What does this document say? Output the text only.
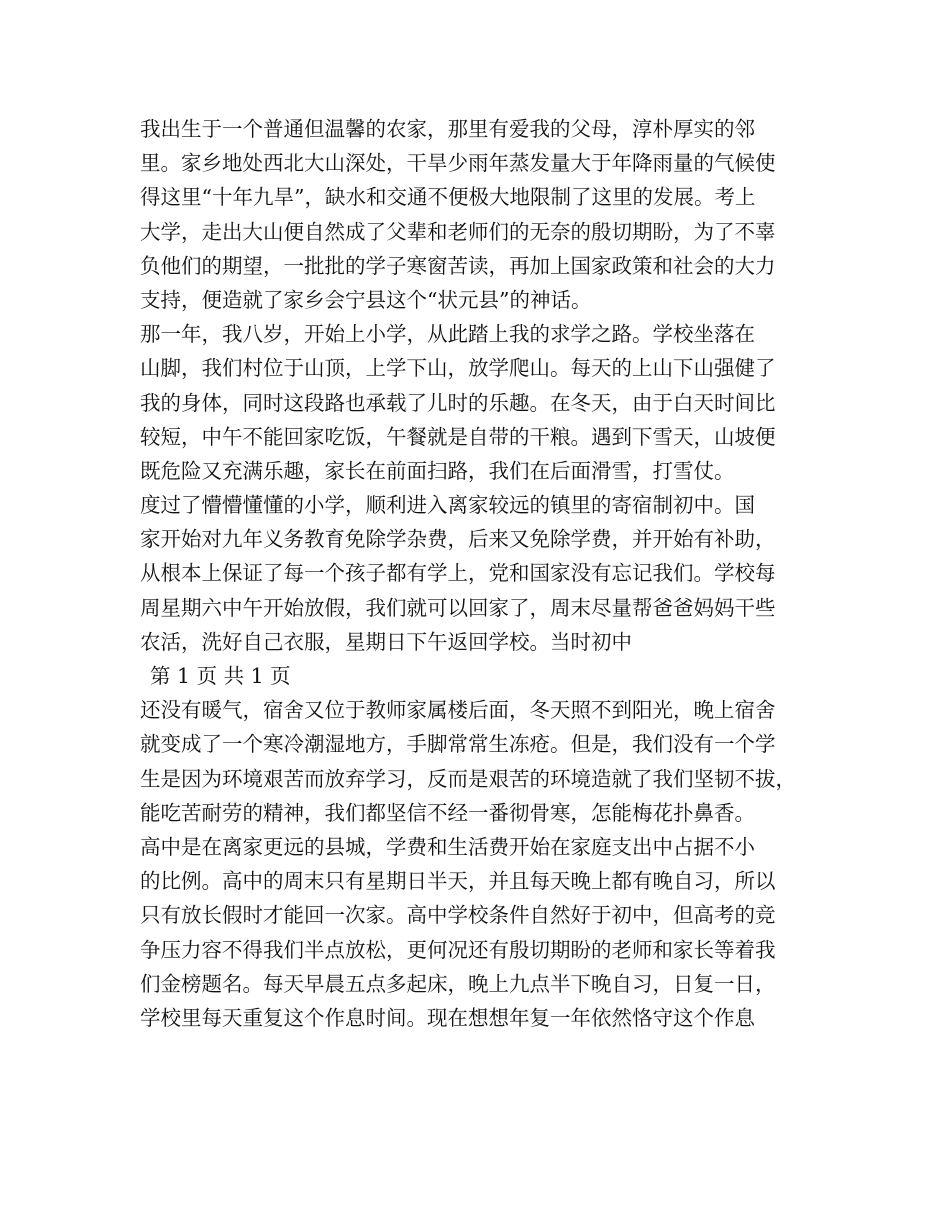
我出生于一个普通但温馨的农家，那里有爱我的父母，淳朴厚实的邻
里。家乡地处西北大山深处，干旱少雨年蒸发量大于年降雨量的气候使
得这里“十年九旱”，缺水和交通不便极大地限制了这里的发展。考上
大学，走出大山便自然成了父辈和老师们的无奈的殷切期盼，为了不辜
负他们的期望，一批批的学子寒窗苦读，再加上国家政策和社会的大力
支持，便造就了家乡会宁县这个“状元县”的神话。
那一年，我八岁，开始上小学，从此踏上我的求学之路。学校坐落在
山脚，我们村位于山顶，上学下山，放学爬山。每天的上山下山强健了
我的身体，同时这段路也承载了儿时的乐趣。在冬天，由于白天时间比
较短，中午不能回家吃饭，午餐就是自带的干粮。遇到下雪天，山坡便
既危险又充满乐趣，家长在前面扫路，我们在后面滑雪，打雪仗。
度过了懵懵懂懂的小学，顺利进入离家较远的镇里的寄宿制初中。国
家开始对九年义务教育免除学杂费，后来又免除学费，并开始有补助，
从根本上保证了每一个孩子都有学上，党和国家没有忘记我们。学校每
周星期六中午开始放假，我们就可以回家了，周末尽量帮爸爸妈妈干些
农活，洗好自己衣服，星期日下午返回学校。当时初中
第 1 页 共 1 页
还没有暖气，宿舍又位于教师家属楼后面，冬天照不到阳光，晚上宿舍
就变成了一个寒冷潮湿地方，手脚常常生冻疮。但是，我们没有一个学
生是因为环境艰苦而放弃学习，反而是艰苦的环境造就了我们坚韧不拔，
能吃苦耐劳的精神，我们都坚信不经一番彻骨寒，怎能梅花扑鼻香。
高中是在离家更远的县城，学费和生活费开始在家庭支出中占据不小
的比例。高中的周末只有星期日半天，并且每天晚上都有晚自习，所以
只有放长假时才能回一次家。高中学校条件自然好于初中，但高考的竞
争压力容不得我们半点放松，更何况还有殷切期盼的老师和家长等着我
们金榜题名。每天早晨五点多起床，晚上九点半下晚自习，日复一日，
学校里每天重复这个作息时间。现在想想年复一年依然恪守这个作息
